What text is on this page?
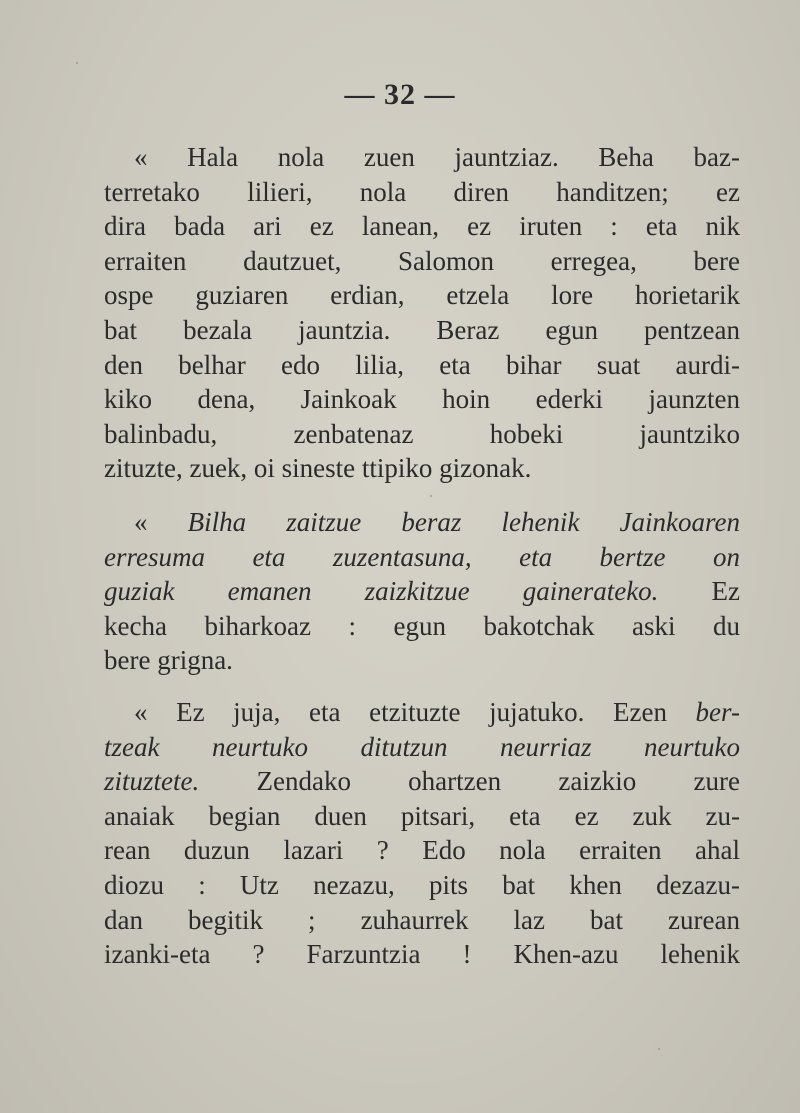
— 32 —
« Hala nola zuen jauntziaz. Beha baz-
terretako lilieri, nola diren handitzen; ez
dira bada ari ez lanean, ez iruten : eta nik
erraiten dautzuet, Salomon erregea, bere
ospe guziaren erdian, etzela lore horietarik
bat bezala jauntzia. Beraz egun pentzean
den belhar edo lilia, eta bihar suat aurdi-
kiko dena, Jainkoak hoin ederki jaunzten
balinbadu, zenbatenaz hobeki jauntziko
zituzte, zuek, oi sineste ttipiko gizonak.
« Bilha zaitzue beraz lehenik Jainkoaren
erresuma eta zuzentasuna, eta bertze on
guziak emanen zaizkitzue gainerateko. Ez
kecha biharkoaz : egun bakotchak aski du
bere grigna.
« Ez juja, eta etzituzte jujatuko. Ezen ber-
tzeak neurtuko ditutzun neurriaz neurtuko
zituztete. Zendako ohartzen zaizkio zure
anaiak begian duen pitsari, eta ez zuk zu-
rean duzun lazari ? Edo nola erraiten ahal
diozu : Utz nezazu, pits bat khen dezazu-
dan begitik ; zuhaurrek laz bat zurean
izanki-eta ? Farzuntzia ! Khen-azu lehenik
